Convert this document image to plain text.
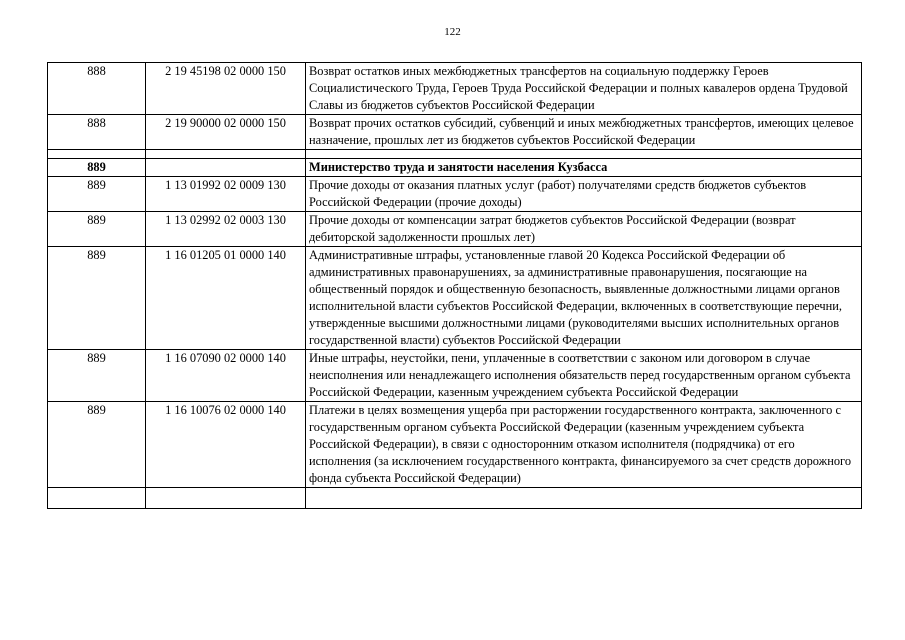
122
888	2 19 45198 02 0000 150	Возврат остатков иных межбюджетных трансфертов на социальную поддержку Героев Социалистического Труда, Героев Труда Российской Федерации и полных кавалеров ордена Трудовой Славы из бюджетов субъектов Российской Федерации
888	2 19 90000 02 0000 150	Возврат прочих остатков субсидий, субвенций и иных межбюджетных трансфертов, имеющих целевое назначение, прошлых лет из бюджетов субъектов Российской Федерации

889		Министерство труда и занятости населения Кузбасса
889	1 13 01992 02 0009 130	Прочие доходы от оказания платных услуг (работ) получателями средств бюджетов субъектов Российской Федерации (прочие доходы)
889	1 13 02992 02 0003 130	Прочие доходы от компенсации затрат бюджетов субъектов Российской Федерации (возврат дебиторской задолженности прошлых лет)
889	1 16 01205 01 0000 140	Административные штрафы, установленные главой 20 Кодекса Российской Федерации об административных правонарушениях, за административные правонарушения, посягающие на общественный порядок и общественную безопасность, выявленные должностными лицами органов исполнительной власти субъектов Российской Федерации, включенных в соответствующие перечни, утвержденные высшими должностными лицами (руководителями высших исполнительных органов государственной власти) субъектов Российской Федерации
889	1 16 07090 02 0000 140	Иные штрафы, неустойки, пени, уплаченные в соответствии с законом или договором в случае неисполнения или ненадлежащего исполнения обязательств перед государственным органом субъекта Российской Федерации, казенным учреждением субъекта Российской Федерации
889	1 16 10076 02 0000 140	Платежи в целях возмещения ущерба при расторжении государственного контракта, заключенного с государственным органом субъекта Российской Федерации (казенным учреждением субъекта Российской Федерации), в связи с односторонним отказом исполнителя (подрядчика) от его исполнения (за исключением государственного контракта, финансируемого за счет средств дорожного фонда субъекта Российской Федерации)
